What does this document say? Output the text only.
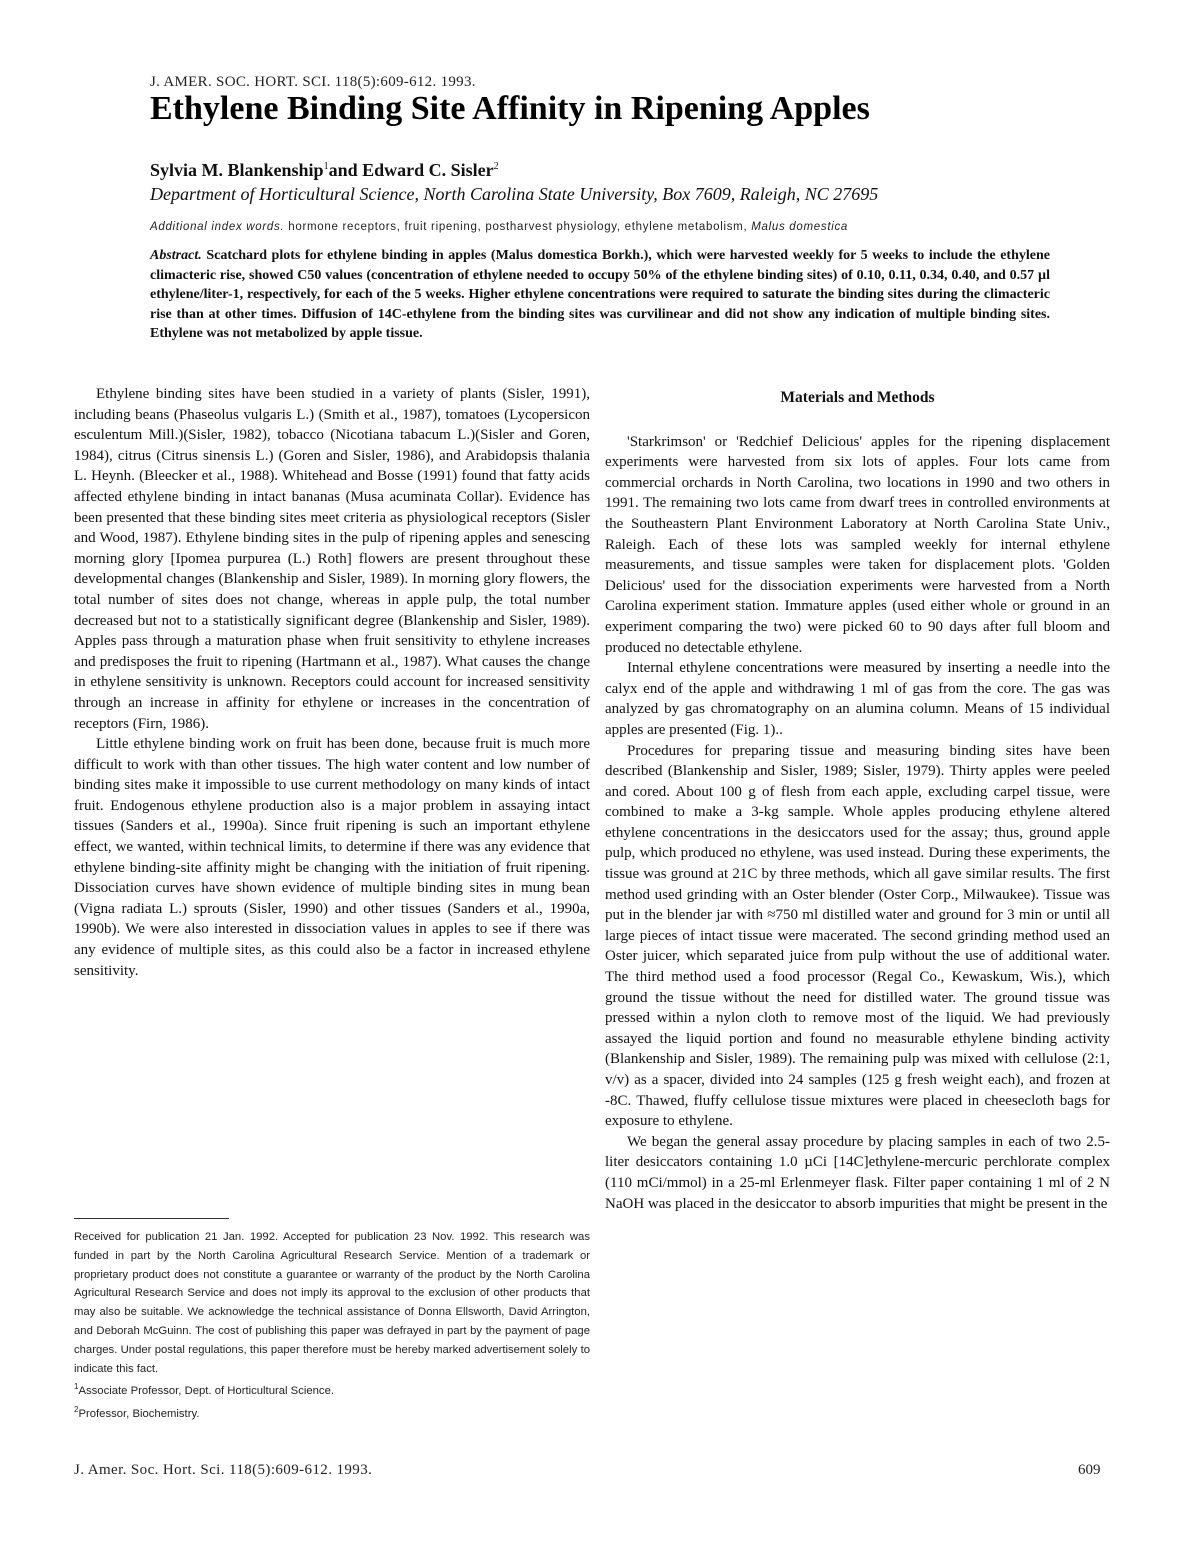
J. AMER. SOC. HORT. SCI. 118(5):609-612. 1993.
Ethylene Binding Site Affinity in Ripening Apples
Sylvia M. Blankenship$^1$and Edward C. Sisler$^2$
Department of Horticultural Science, North Carolina State University, Box 7609, Raleigh, NC 27695
Additional index words. hormone receptors, fruit ripening, postharvest physiology, ethylene metabolism, Malus domestica
Abstract. Scatchard plots for ethylene binding in apples (Malus domestica Borkh.), which were harvested weekly for 5 weeks to include the ethylene climacteric rise, showed C50 values (concentration of ethylene needed to occupy 50% of the ethylene binding sites) of 0.10, 0.11, 0.34, 0.40, and 0.57 µl ethylene/liter-1, respectively, for each of the 5 weeks. Higher ethylene concentrations were required to saturate the binding sites during the climacteric rise than at other times. Diffusion of 14C-ethylene from the binding sites was curvilinear and did not show any indication of multiple binding sites. Ethylene was not metabolized by apple tissue.

Ethylene binding sites have been studied in a variety of plants (Sisler, 1991), including beans (Phaseolus vulgaris L.) (Smith et al., 1987), tomatoes (Lycopersicon esculentum Mill.)(Sisler, 1982), tobacco (Nicotiana tabacum L.)(Sisler and Goren, 1984), citrus (Citrus sinensis L.) (Goren and Sisler, 1986), and Arabidopsis thalania L. Heynh. (Bleecker et al., 1988). Whitehead and Bosse (1991) found that fatty acids affected ethylene binding in intact bananas (Musa acuminata Collar). Evidence has been presented that these binding sites meet criteria as physiological receptors (Sisler and Wood, 1987). Ethylene binding sites in the pulp of ripening apples and senescing morning glory [Ipomea purpurea (L.) Roth] flowers are present throughout these developmental changes (Blankenship and Sisler, 1989). In morning glory flowers, the total number of sites does not change, whereas in apple pulp, the total number decreased but not to a statistically significant degree (Blankenship and Sisler, 1989). Apples pass through a maturation phase when fruit sensitivity to ethylene increases and predisposes the fruit to ripening (Hartmann et al., 1987). What causes the change in ethylene sensitivity is unknown. Receptors could account for increased sensitivity through an increase in affinity for ethylene or increases in the concentration of receptors (Firn, 1986).

Little ethylene binding work on fruit has been done, because fruit is much more difficult to work with than other tissues. The high water content and low number of binding sites make it impossible to use current methodology on many kinds of intact fruit. Endogenous ethylene production also is a major problem in assaying intact tissues (Sanders et al., 1990a). Since fruit ripening is such an important ethylene effect, we wanted, within technical limits, to determine if there was any evidence that ethylene binding-site affinity might be changing with the initiation of fruit ripening. Dissociation curves have shown evidence of multiple binding sites in mung bean (Vigna radiata L.) sprouts (Sisler, 1990) and other tissues (Sanders et al., 1990a, 1990b). We were also interested in dissociation values in apples to see if there was any evidence of multiple sites, as this could also be a factor in increased ethylene sensitivity.

Received for publication 21 Jan. 1992. Accepted for publication 23 Nov. 1992. This research was funded in part by the North Carolina Agricultural Research Service. Mention of a trademark or proprietary product does not constitute a guarantee or warranty of the product by the North Carolina Agricultural Research Service and does not imply its approval to the exclusion of other products that may also be suitable. We acknowledge the technical assistance of Donna Ellsworth, David Arrington, and Deborah McGuinn. The cost of publishing this paper was defrayed in part by the payment of page charges. Under postal regulations, this paper therefore must be hereby marked advertisement solely to indicate this fact.

$^1$Associate Professor, Dept. of Horticultural Science.

$^2$Professor, Biochemistry.

Materials and Methods

'Starkrimson' or 'Redchief Delicious' apples for the ripening displacement experiments were harvested from six lots of apples. Four lots came from commercial orchards in North Carolina, two locations in 1990 and two others in 1991. The remaining two lots came from dwarf trees in controlled environments at the Southeastern Plant Environment Laboratory at North Carolina State Univ., Raleigh. Each of these lots was sampled weekly for internal ethylene measurements, and tissue samples were taken for displacement plots. 'Golden Delicious' used for the dissociation experiments were harvested from a North Carolina experiment station. Immature apples (used either whole or ground in an experiment comparing the two) were picked 60 to 90 days after full bloom and produced no detectable ethylene.

Internal ethylene concentrations were measured by inserting a needle into the calyx end of the apple and withdrawing 1 ml of gas from the core. The gas was analyzed by gas chromatography on an alumina column. Means of 15 individual apples are presented (Fig. 1)..

Procedures for preparing tissue and measuring binding sites have been described (Blankenship and Sisler, 1989; Sisler, 1979). Thirty apples were peeled and cored. About 100 g of flesh from each apple, excluding carpel tissue, were combined to make a 3-kg sample. Whole apples producing ethylene altered ethylene concentrations in the desiccators used for the assay; thus, ground apple pulp, which produced no ethylene, was used instead. During these experiments, the tissue was ground at 21C by three methods, which all gave similar results. The first method used grinding with an Oster blender (Oster Corp., Milwaukee). Tissue was put in the blender jar with ≈750 ml distilled water and ground for 3 min or until all large pieces of intact tissue were macerated. The second grinding method used an Oster juicer, which separated juice from pulp without the use of additional water. The third method used a food processor (Regal Co., Kewaskum, Wis.), which ground the tissue without the need for distilled water. The ground tissue was pressed within a nylon cloth to remove most of the liquid. We had previously assayed the liquid portion and found no measurable ethylene binding activity (Blankenship and Sisler, 1989). The remaining pulp was mixed with cellulose (2:1, v/v) as a spacer, divided into 24 samples (125 g fresh weight each), and frozen at -8C. Thawed, fluffy cellulose tissue mixtures were placed in cheesecloth bags for exposure to ethylene.

We began the general assay procedure by placing samples in each of two 2.5-liter desiccators containing 1.0 µCi [14C]ethylene-mercuric perchlorate complex (110 mCi/mmol) in a 25-ml Erlenmeyer flask. Filter paper containing 1 ml of 2 N NaOH was placed in the desiccator to absorb impurities that might be present in the

J. Amer. Soc. Hort. Sci. 118(5):609-612. 1993.	609
